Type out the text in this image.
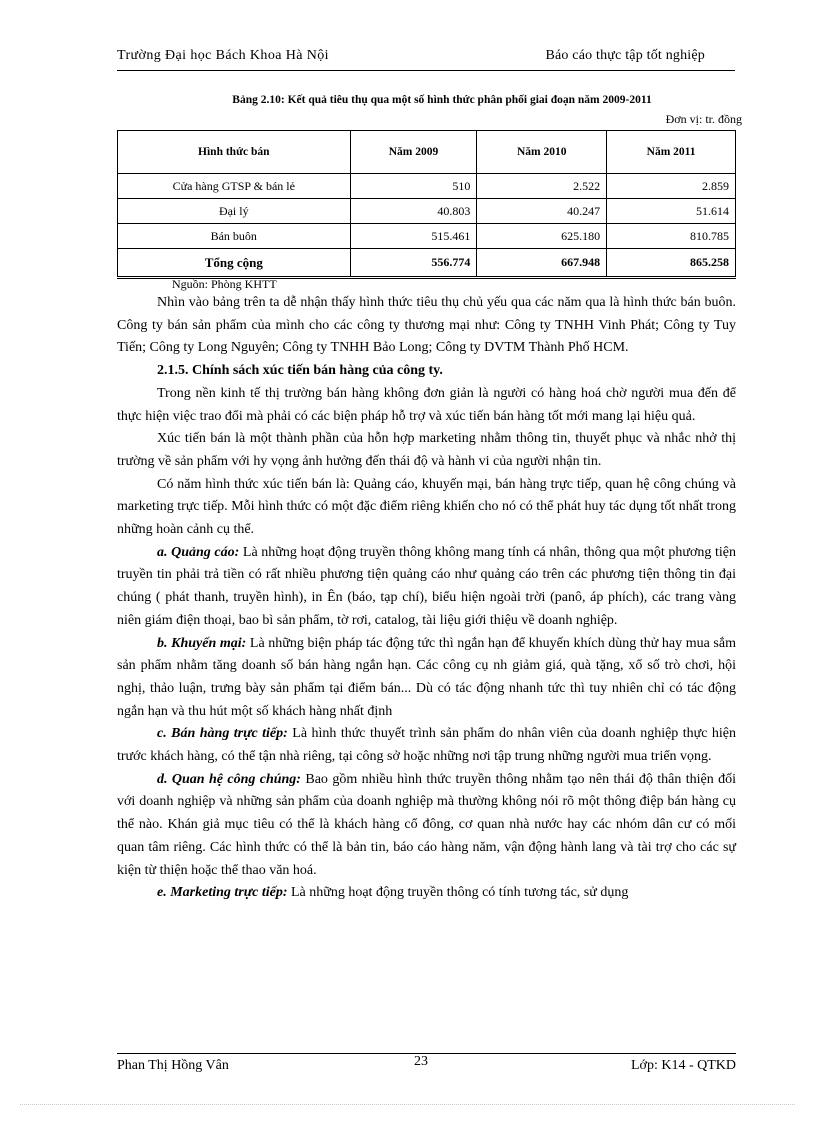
Trường Đại học Bách Khoa Hà Nội	Báo cáo thực tập tốt nghiệp
Bảng 2.10: Kết quả tiêu thụ qua một số hình thức phân phối giai đoạn năm 2009-2011
Đơn vị: tr. đồng
Hình thức bán	Năm 2009	Năm 2010	Năm 2011
Cửa hàng GTSP & bán lẻ	510	2.522	2.859
Đại lý	40.803	40.247	51.614
Bán buôn	515.461	625.180	810.785
Tổng cộng	556.774	667.948	865.258
Nguồn: Phòng KHTT

Nhìn vào bảng trên ta dễ nhận thấy hình thức tiêu thụ chủ yếu qua các năm qua là hình thức bán buôn. Công ty bán sản phẩm của mình cho các công ty thương mại như: Công ty TNHH Vinh Phát; Công ty Tuy Tiến; Công ty Long Nguyên; Công ty TNHH Bảo Long; Công ty DVTM Thành Phố HCM.

2.1.5. Chính sách xúc tiến bán hàng của công ty.

Trong nền kinh tế thị trường bán hàng không đơn giản là người có hàng hoá chờ người mua đến để thực hiện việc trao đổi mà phải có các biện pháp hỗ trợ và xúc tiến bán hàng tốt mới mang lại hiệu quả.

Xúc tiến bán là một thành phần của hỗn hợp marketing nhằm thông tin, thuyết phục và nhắc nhở thị trường về sản phẩm với hy vọng ảnh hưởng đến thái độ và hành vi của người nhận tin.

Có năm hình thức xúc tiến bán là: Quảng cáo, khuyến mại, bán hàng trực tiếp, quan hệ công chúng và marketing trực tiếp. Mỗi hình thức có một đặc điểm riêng khiến cho nó có thể phát huy tác dụng tốt nhất trong những hoàn cảnh cụ thể.

a. Quảng cáo: Là những hoạt động truyền thông không mang tính cá nhân, thông qua một phương tiện truyền tin phải trả tiền có rất nhiều phương tiện quảng cáo như quảng cáo trên các phương tiện thông tin đại chúng ( phát thanh, truyền hình), in Ên (báo, tạp chí), biểu hiện ngoài trời (panô, áp phích), các trang vàng niên giám điện thoại, bao bì sản phẩm, tờ rơi, catalog, tài liệu giới thiệu về doanh nghiệp.

b. Khuyến mại: Là những biện pháp tác động tức thì ngắn hạn để khuyến khích dùng thử hay mua sắm sản phẩm nhằm tăng doanh số bán hàng ngắn hạn. Các công cụ nh giảm giá, quà tặng, xổ số trò chơi, hội nghị, thảo luận, trưng bày sản phẩm tại điểm bán... Dù có tác động nhanh tức thì tuy nhiên chỉ có tác động ngắn hạn và thu hút một số khách hàng nhất định

c. Bán hàng trực tiếp: Là hình thức thuyết trình sản phẩm do nhân viên của doanh nghiệp thực hiện trước khách hàng, có thể tận nhà riêng, tại công sở hoặc những nơi tập trung những người mua triển vọng.

d. Quan hệ công chúng: Bao gồm nhiều hình thức truyền thông nhằm tạo nên thái độ thân thiện đối với doanh nghiệp và những sản phẩm của doanh nghiệp mà thường không nói rõ một thông điệp bán hàng cụ thể nào. Khán giả mục tiêu có thể là khách hàng cổ đông, cơ quan nhà nước hay các nhóm dân cư có mối quan tâm riêng. Các hình thức có thể là bản tin, báo cáo hàng năm, vận động hành lang và tài trợ cho các sự kiện từ thiện hoặc thể thao văn hoá.

e. Marketing trực tiếp: Là những hoạt động truyền thông có tính tương tác, sử dụng

Phan Thị Hồng Vân	23	Lớp: K14 - QTKD
